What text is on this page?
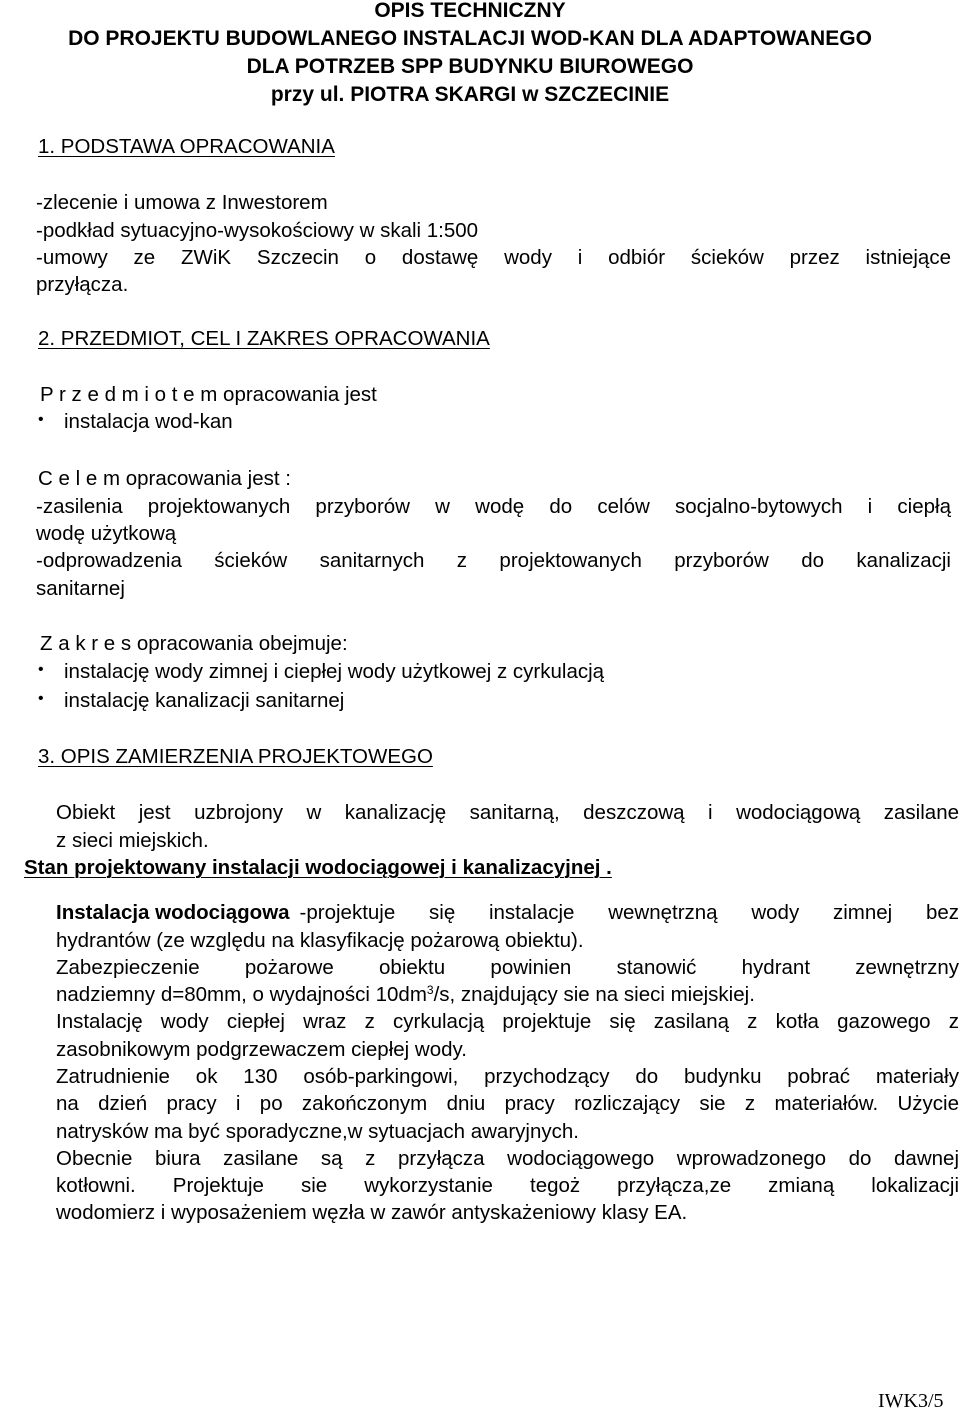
OPIS TECHNICZNY
DO PROJEKTU BUDOWLANEGO INSTALACJI WOD-KAN DLA ADAPTOWANEGO
DLA POTRZEB SPP BUDYNKU BIUROWEGO
przy ul. PIOTRA SKARGI w SZCZECINIE
1. PODSTAWA OPRACOWANIA
-zlecenie i umowa z Inwestorem
-podkład sytuacyjno-wysokościowy w skali 1:500
-umowy ze ZWiK Szczecin o dostawę wody i odbiór ścieków przez istniejące
przyłącza.
2. PRZEDMIOT, CEL I ZAKRES OPRACOWANIA
P r z e d m i o t e m opracowania jest
• instalacja wod-kan
C e l e m opracowania jest :
-zasilenia projektowanych przyborów w wodę do celów socjalno-bytowych i ciepłą
wodę użytkową
-odprowadzenia ścieków sanitarnych z projektowanych przyborów do kanalizacji
sanitarnej
Z a k r e s opracowania obejmuje:
• instalację wody zimnej i ciepłej wody użytkowej z cyrkulacją
• instalację kanalizacji sanitarnej
3. OPIS ZAMIERZENIA PROJEKTOWEGO
Obiekt jest uzbrojony w kanalizację sanitarną, deszczową i wodociągową zasilane
z sieci miejskich.
Stan projektowany instalacji wodociągowej i kanalizacyjnej .
Instalacja wodociągowa -projektuje się instalacje wewnętrzną wody zimnej bez
hydrantów (ze względu na klasyfikację pożarową obiektu).
Zabezpieczenie pożarowe obiektu powinien stanowić hydrant zewnętrzny
nadziemny d=80mm, o wydajności $10dm^3/s$, znajdujący sie na sieci miejskiej.
Instalację wody ciepłej wraz z cyrkulacją projektuje się zasilaną z kotła gazowego z
zasobnikowym podgrzewaczem ciepłej wody.
Zatrudnienie ok 130 osób-parkingowi, przychodzący do budynku pobrać materiały
na dzień pracy i po zakończonym dniu pracy rozliczający sie z materiałów. Użycie
natrysków ma być sporadyczne,w sytuacjach awaryjnych.
Obecnie biura zasilane są z przyłącza wodociągowego wprowadzonego do dawnej
kotłowni. Projektuje sie wykorzystanie tegoż przyłącza,ze zmianą lokalizacji
wodomierz i wyposażeniem węzła w zawór antyskażeniowy klasy EA.
IWK3/5
